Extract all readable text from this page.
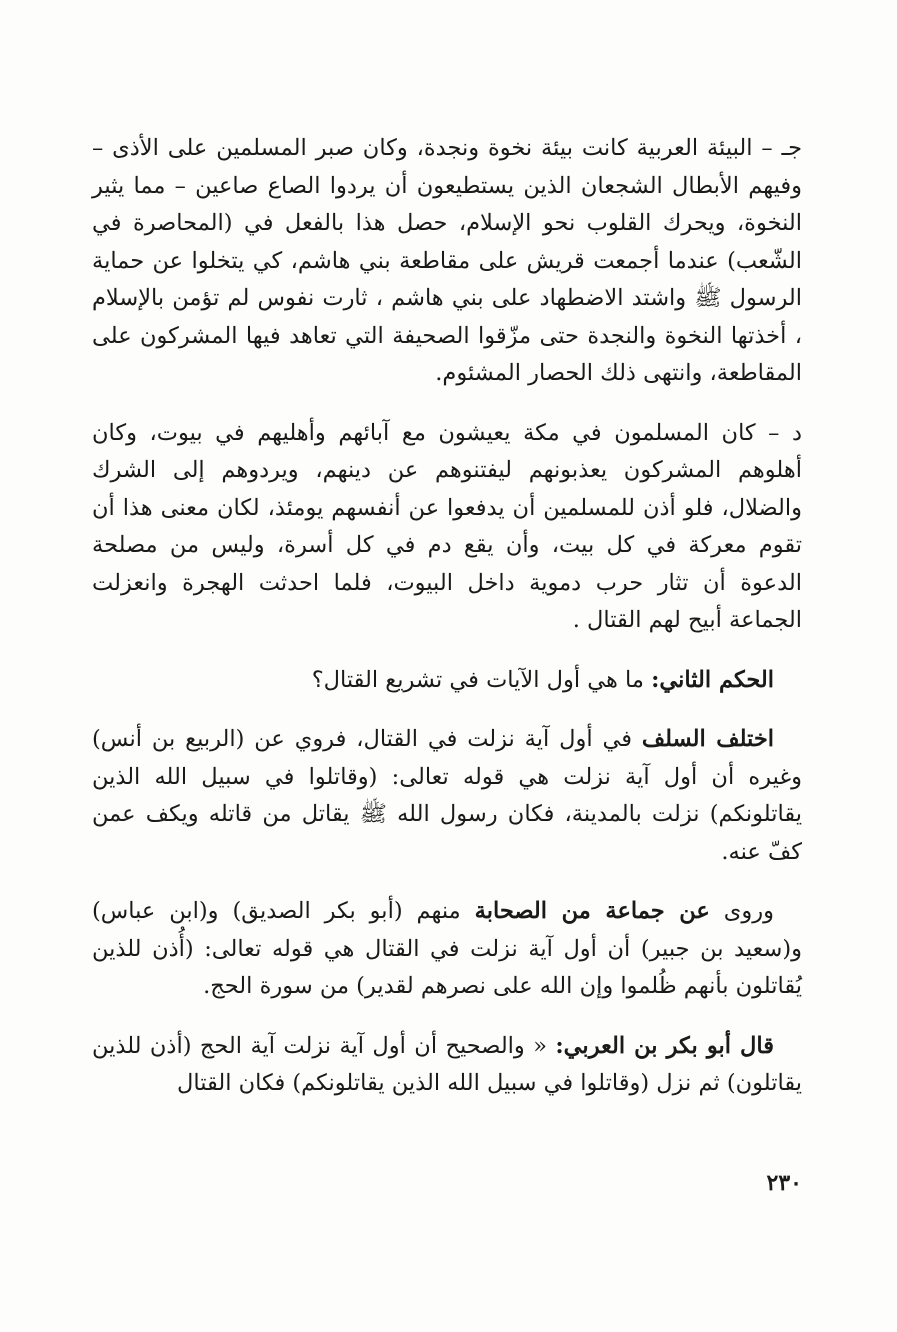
جـ – البيئة العربية كانت بيئة نخوة ونجدة، وكان صبر المسلمين على الأذى – وفيهم الأبطال الشجعان الذين يستطيعون أن يردوا الصاع صاعين – مما يثير النخوة، ويحرك القلوب نحو الإسلام، حصل هذا بالفعل في (المحاصرة في الشّعب) عندما أجمعت قريش على مقاطعة بني هاشم، كي يتخلوا عن حماية الرسول ﷺ واشتد الاضطهاد على بني هاشم ، ثارت نفوس لم تؤمن بالإسلام ، أخذتها النخوة والنجدة حتى مزّقوا الصحيفة التي تعاهد فيها المشركون على المقاطعة، وانتهى ذلك الحصار المشئوم.

د – كان المسلمون في مكة يعيشون مع آبائهم وأهليهم في بيوت، وكان أهلوهم المشركون يعذبونهم ليفتنوهم عن دينهم، ويردوهم إلى الشرك والضلال، فلو أذن للمسلمين أن يدفعوا عن أنفسهم يومئذ، لكان معنى هذا أن تقوم معركة في كل بيت، وأن يقع دم في كل أسرة، وليس من مصلحة الدعوة أن تثار حرب دموية داخل البيوت، فلما احدثت الهجرة وانعزلت الجماعة أبيح لهم القتال .

الحكم الثاني: ما هي أول الآيات في تشريع القتال؟

اختلف السلف في أول آية نزلت في القتال، فروي عن (الربيع بن أنس) وغيره أن أول آية نزلت هي قوله تعالى: (وقاتلوا في سبيل الله الذين يقاتلونكم) نزلت بالمدينة، فكان رسول الله ﷺ يقاتل من قاتله ويكف عمن كفّ عنه.

وروى عن جماعة من الصحابة منهم (أبو بكر الصديق) و(ابن عباس) و(سعيد بن جبير) أن أول آية نزلت في القتال هي قوله تعالى: (أُذن للذين يُقاتلون بأنهم ظُلموا وإن الله على نصرهم لقدير) من سورة الحج.

قال أبو بكر بن العربي: « والصحيح أن أول آية نزلت آية الحج (أذن للذين يقاتلون) ثم نزل (وقاتلوا في سبيل الله الذين يقاتلونكم) فكان القتال

٢٣٠
